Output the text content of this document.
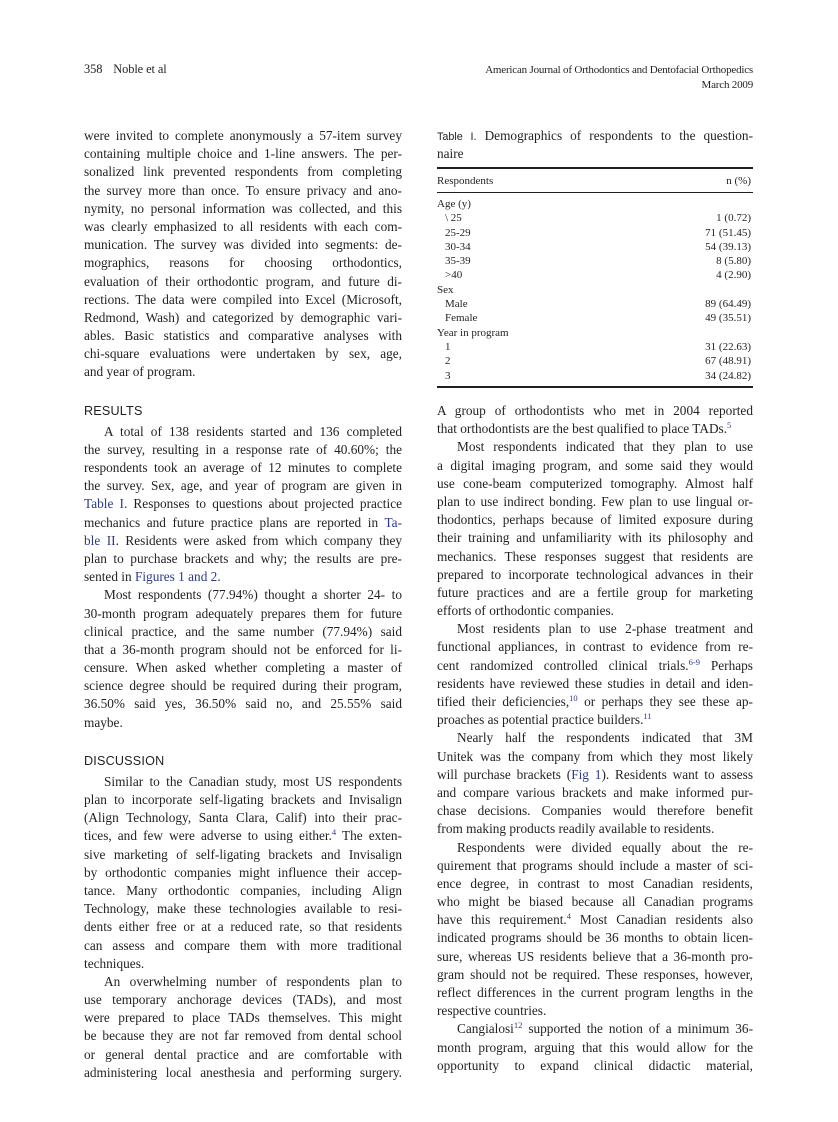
358 Noble et al	American Journal of Orthodontics and Dentofacial Orthopedics
March 2009
were invited to complete anonymously a 57-item survey
containing multiple choice and 1-line answers. The per-
sonalized link prevented respondents from completing
the survey more than once. To ensure privacy and ano-
nymity, no personal information was collected, and this
was clearly emphasized to all residents with each com-
munication. The survey was divided into segments: de-
mographics, reasons for choosing orthodontics,
evaluation of their orthodontic program, and future di-
rections. The data were compiled into Excel (Microsoft,
Redmond, Wash) and categorized by demographic vari-
ables. Basic statistics and comparative analyses with
chi-square evaluations were undertaken by sex, age,
and year of program.
RESULTS
A total of 138 residents started and 136 completed
the survey, resulting in a response rate of 40.60%; the
respondents took an average of 12 minutes to complete
the survey. Sex, age, and year of program are given in
Table I. Responses to questions about projected practice
mechanics and future practice plans are reported in Ta-
ble II. Residents were asked from which company they
plan to purchase brackets and why; the results are pre-
sented in Figures 1 and 2.
Most respondents (77.94%) thought a shorter 24- to
30-month program adequately prepares them for future
clinical practice, and the same number (77.94%) said
that a 36-month program should not be enforced for li-
censure. When asked whether completing a master of
science degree should be required during their program,
36.50% said yes, 36.50% said no, and 25.55% said
maybe.
DISCUSSION
Similar to the Canadian study, most US respondents
plan to incorporate self-ligating brackets and Invisalign
(Align Technology, Santa Clara, Calif) into their prac-
tices, and few were adverse to using either.$^4$ The exten-
sive marketing of self-ligating brackets and Invisalign
by orthodontic companies might influence their accep-
tance. Many orthodontic companies, including Align
Technology, make these technologies available to resi-
dents either free or at a reduced rate, so that residents
can assess and compare them with more traditional
techniques.
An overwhelming number of respondents plan to
use temporary anchorage devices (TADs), and most
were prepared to place TADs themselves. This might
be because they are not far removed from dental school
or general dental practice and are comfortable with
administering local anesthesia and performing surgery.
Table I. Demographics of respondents to the question-
naire
Respondents	n (%)
Age (y)	
\ 25	1 (0.72)
25-29	71 (51.45)
30-34	54 (39.13)
35-39	8 (5.80)
>40	4 (2.90)
Sex	
Male	89 (64.49)
Female	49 (35.51)
Year in program	
1	31 (22.63)
2	67 (48.91)
3	34 (24.82)
A group of orthodontists who met in 2004 reported
that orthodontists are the best qualified to place TADs.$^5$
Most respondents indicated that they plan to use
a digital imaging program, and some said they would
use cone-beam computerized tomography. Almost half
plan to use indirect bonding. Few plan to use lingual or-
thodontics, perhaps because of limited exposure during
their training and unfamiliarity with its philosophy and
mechanics. These responses suggest that residents are
prepared to incorporate technological advances in their
future practices and are a fertile group for marketing
efforts of orthodontic companies.
Most residents plan to use 2-phase treatment and
functional appliances, in contrast to evidence from re-
cent randomized controlled clinical trials.$^{6-9}$ Perhaps
residents have reviewed these studies in detail and iden-
tified their deficiencies,$^{10}$ or perhaps they see these ap-
proaches as potential practice builders.$^{11}$
Nearly half the respondents indicated that 3M
Unitek was the company from which they most likely
will purchase brackets (Fig 1). Residents want to assess
and compare various brackets and make informed pur-
chase decisions. Companies would therefore benefit
from making products readily available to residents.
Respondents were divided equally about the re-
quirement that programs should include a master of sci-
ence degree, in contrast to most Canadian residents,
who might be biased because all Canadian programs
have this requirement.$^4$ Most Canadian residents also
indicated programs should be 36 months to obtain licen-
sure, whereas US residents believe that a 36-month pro-
gram should not be required. These responses, however,
reflect differences in the current program lengths in the
respective countries.
Cangialosi$^{12}$ supported the notion of a minimum 36-
month program, arguing that this would allow for the
opportunity to expand clinical didactic material,
